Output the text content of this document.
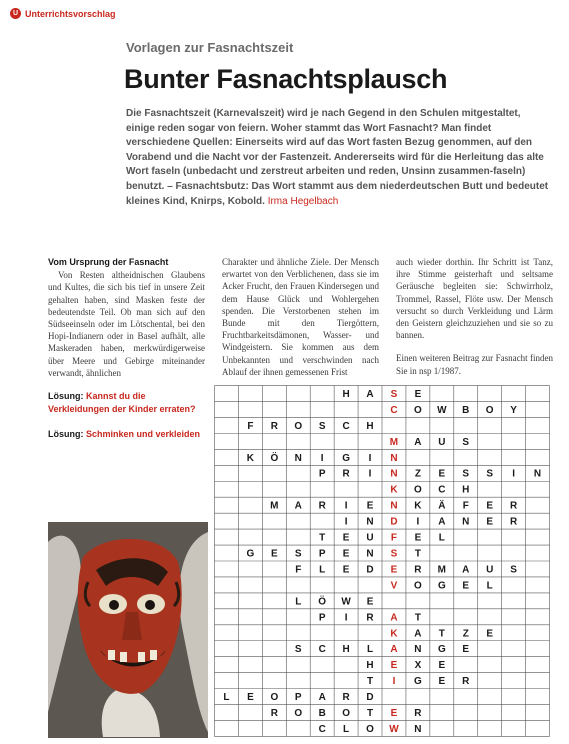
U Unterrichtsvorschlag
Vorlagen zur Fasnachtszeit
Bunter Fasnachtsplausch
Die Fasnachtszeit (Karnevalszeit) wird je nach Gegend in den Schulen mitgestaltet, einige reden sogar von feiern. Woher stammt das Wort Fasnacht? Man findet verschiedene Quellen: Einerseits wird auf das Wort fasten Bezug genommen, auf den Vorabend und die Nacht vor der Fastenzeit. Andererseits wird für die Herleitung das alte Wort faseln (unbedacht und zerstreut arbeiten und reden, Unsinn zusammen-faseln) benutzt. – Fasnachtsbutz: Das Wort stammt aus dem niederdeutschen Butt und bedeutet kleines Kind, Knirps, Kobold. Irma Hegelbach
Vom Ursprung der Fasnacht

Von Resten altheidnischen Glaubens und Kultes, die sich bis tief in unsere Zeit gehalten haben, sind Masken feste der bedeutendste Teil. Ob man sich auf den Südseeinseln oder im Lötschental, bei den Hopi-Indianern oder in Basel aufhält, alle Maskeraden haben, merkwürdigerweise über Meere und Gebirge miteinander verwandt, ähnlichen

Charakter und ähnliche Ziele. Der Mensch erwartet von den Verblichenen, dass sie im Acker Frucht, den Frauen Kindersegen und dem Hause Glück und Wohlergehen spenden. Die Verstorbenen stehen im Bunde mit den Tiergöttern, Fruchtbarkeitsdämonen, Wasser- und Windgeistern. Sie kommen aus dem Unbekannten und verschwinden nach Ablauf der ihnen gemessenen Frist

auch wieder dorthin. Ihr Schritt ist Tanz, ihre Stimme geisterhaft und seltsame Geräusche begleiten sie: Schwirrholz, Trommel, Rassel, Flöte usw. Der Mensch versucht so durch Verkleidung und Lärm den Geistern gleichzuziehen und sie so zu bannen.

Einen weiteren Beitrag zur Fasnacht finden Sie in nsp 1/1987.

Lösung: Kannst du die Verkleidungen der Kinder erraten?
Lösung: Schminken und verkleiden
H A S E
C O W B O Y
F R O S C H
M A U S
K Ö N I G I N
P R I N Z E S S I N
K O C H
M A R I E N K Ä F E R
I N D I A N E R
T E U F E L
G E S P E N S T
F L E D E R M A U S
V O G E L
L Ö W E
P I R A T
K A T Z E
S C H L A N G E
H E X E
T I G E R
L E O P A R D
R O B O T E R
C L O W N
